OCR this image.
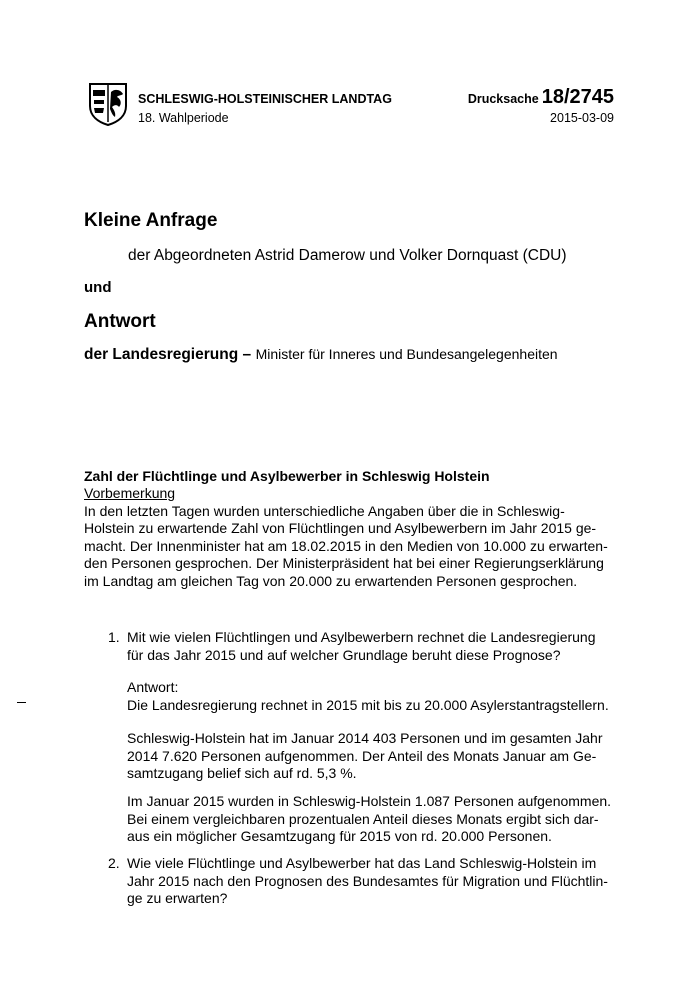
SCHLESWIG-HOLSTEINISCHER LANDTAG
18. Wahlperiode
Drucksache 18/2745
2015-03-09
Kleine Anfrage
der Abgeordneten Astrid Damerow und Volker Dornquast (CDU)
und
Antwort
der Landesregierung – Minister für Inneres und Bundesangelegenheiten
Zahl der Flüchtlinge und Asylbewerber in Schleswig Holstein
Vorbemerkung
In den letzten Tagen wurden unterschiedliche Angaben über die in Schleswig-
Holstein zu erwartende Zahl von Flüchtlingen und Asylbewerbern im Jahr 2015 ge-
macht. Der Innenminister hat am 18.02.2015 in den Medien von 10.000 zu erwarten-
den Personen gesprochen. Der Ministerpräsident hat bei einer Regierungserklärung
im Landtag am gleichen Tag von 20.000 zu erwartenden Personen gesprochen.
1. Mit wie vielen Flüchtlingen und Asylbewerbern rechnet die Landesregierung
für das Jahr 2015 und auf welcher Grundlage beruht diese Prognose?
Antwort:
Die Landesregierung rechnet in 2015 mit bis zu 20.000 Asylerstantragstellern.
Schleswig-Holstein hat im Januar 2014 403 Personen und im gesamten Jahr
2014 7.620 Personen aufgenommen. Der Anteil des Monats Januar am Ge-
samtzugang belief sich auf rd. 5,3 %.
Im Januar 2015 wurden in Schleswig-Holstein 1.087 Personen aufgenommen.
Bei einem vergleichbaren prozentualen Anteil dieses Monats ergibt sich dar-
aus ein möglicher Gesamtzugang für 2015 von rd. 20.000 Personen.
2. Wie viele Flüchtlinge und Asylbewerber hat das Land Schleswig-Holstein im
Jahr 2015 nach den Prognosen des Bundesamtes für Migration und Flüchtlin-
ge zu erwarten?
